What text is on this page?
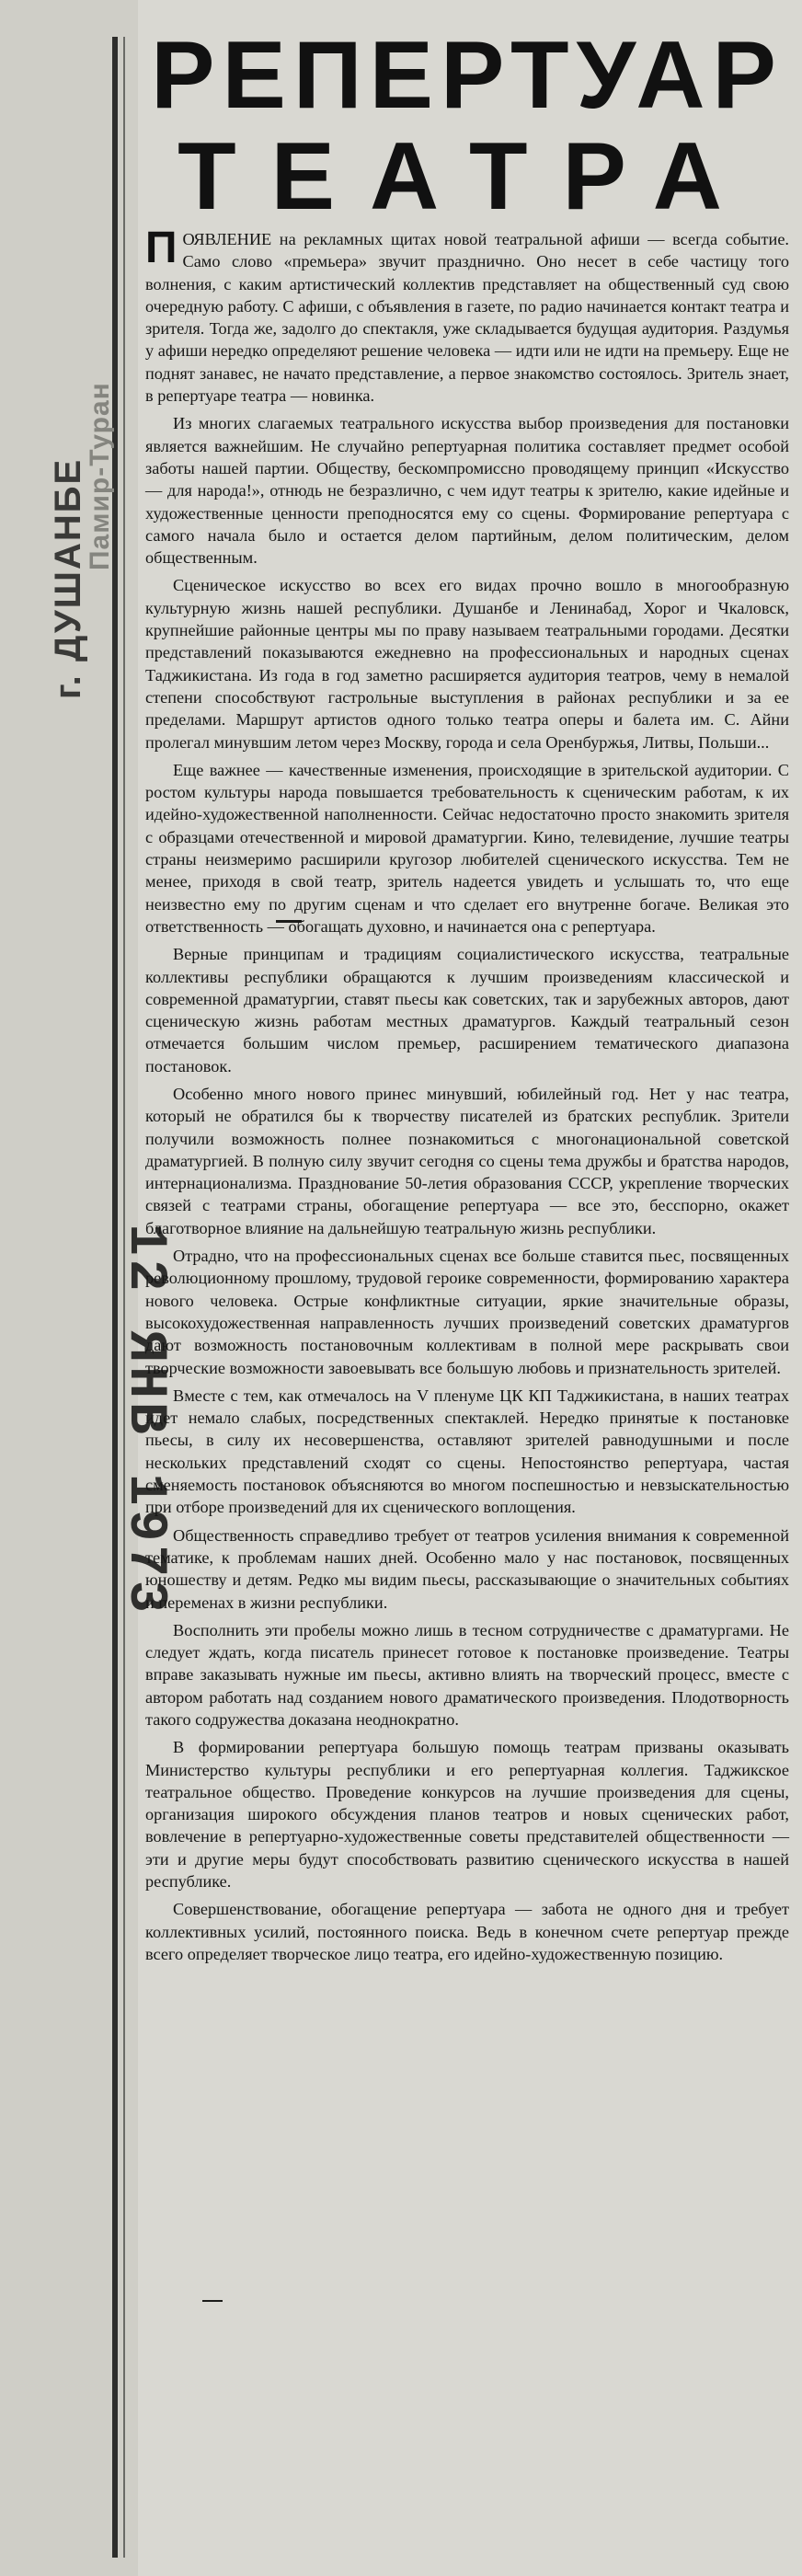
Памир-Туран
г. ДУШАНБЕ
12 ЯНВ 1973
РЕПЕРТУАР
ТЕАТРА

ПОЯВЛЕНИЕ на рекламных щитах новой театральной афиши — всегда событие. Само слово «премьера» звучит празднично. Оно несет в себе частицу того волнения, с каким артистический коллектив представляет на общественный суд свою очередную работу. С афиши, с объявления в газете, по радио начинается контакт театра и зрителя. Тогда же, задолго до спектакля, уже складывается будущая аудитория. Раздумья у афиши нередко определяют решение человека — идти или не идти на премьеру. Еще не поднят занавес, не начато представление, а первое знакомство состоялось. Зритель знает, в репертуаре театра — новинка.

Из многих слагаемых театрального искусства выбор произведения для постановки является важнейшим. Не случайно репертуарная политика составляет предмет особой заботы нашей партии. Обществу, бескомпромиссно проводящему принцип «Искусство — для народа!», отнюдь не безразлично, с чем идут театры к зрителю, какие идейные и художественные ценности преподносятся ему со сцены. Формирование репертуара с самого начала было и остается делом партийным, делом политическим, делом общественным.

Сценическое искусство во всех его видах прочно вошло в многообразную культурную жизнь нашей республики. Душанбе и Ленинабад, Хорог и Чкаловск, крупнейшие районные центры мы по праву называем театральными городами. Десятки представлений показываются ежедневно на профессиональных и народных сценах Таджикистана. Из года в год заметно расширяется аудитория театров, чему в немалой степени способствуют гастрольные выступления в районах республики и за ее пределами. Маршрут артистов одного только театра оперы и балета им. С. Айни пролегал минувшим летом через Москву, города и села Оренбуржья, Литвы, Польши...

Еще важнее — качественные изменения, происходящие в зрительской аудитории. С ростом культуры народа повышается требовательность к сценическим работам, к их идейно-художественной наполненности. Сейчас недостаточно просто знакомить зрителя с образцами отечественной и мировой драматургии. Кино, телевидение, лучшие театры страны неизмеримо расширили кругозор любителей сценического искусства. Тем не менее, приходя в свой театр, зритель надеется увидеть и услышать то, что еще неизвестно ему по другим сценам и что сделает его внутренне богаче. Великая это ответственность — обогащать духовно, и начинается она с репертуара.

Верные принципам и традициям социалистического искусства, театральные коллективы республики обращаются к лучшим произведениям классической и современной драматургии, ставят пьесы как советских, так и зарубежных авторов, дают сценическую жизнь работам местных драматургов. Каждый театральный сезон отмечается большим числом премьер, расширением тематического диапазона постановок.

Особенно много нового принес минувший, юбилейный год. Нет у нас театра, который не обратился бы к творчеству писателей из братских республик. Зрители получили возможность полнее познакомиться с многонациональной советской драматургией. В полную силу звучит сегодня со сцены тема дружбы и братства народов, интернационализма. Празднование 50-летия образования СССР, укрепление творческих связей с театрами страны, обогащение репертуара — все это, бесспорно, окажет благотворное влияние на дальнейшую театральную жизнь республики.

Отрадно, что на профессиональных сценах все больше ставится пьес, посвященных революционному прошлому, трудовой героике современности, формированию характера нового человека. Острые конфликтные ситуации, яркие значительные образы, высокохудожественная направленность лучших произведений советских драматургов дают возможность постановочным коллективам в полной мере раскрывать свои творческие возможности завоевывать все большую любовь и признательность зрителей.

Вместе с тем, как отмечалось на V пленуме ЦК КП Таджикистана, в наших театрах идет немало слабых, посредственных спектаклей. Нередко принятые к постановке пьесы, в силу их несовершенства, оставляют зрителей равнодушными и после нескольких представлений сходят со сцены. Непостоянство репертуара, частая сменяемость постановок объясняются во многом поспешностью и невзыскательностью при отборе произведений для их сценического воплощения.

Общественность справедливо требует от театров усиления внимания к современной тематике, к проблемам наших дней. Особенно мало у нас постановок, посвященных юношеству и детям. Редко мы видим пьесы, рассказывающие о значительных событиях и переменах в жизни республики.

Восполнить эти пробелы можно лишь в тесном сотрудничестве с драматургами. Не следует ждать, когда писатель принесет готовое к постановке произведение. Театры вправе заказывать нужные им пьесы, активно влиять на творческий процесс, вместе с автором работать над созданием нового драматического произведения. Плодотворность такого содружества доказана неоднократно.

В формировании репертуара большую помощь театрам призваны оказывать Министерство культуры республики и его репертуарная коллегия. Таджикское театральное общество. Проведение конкурсов на лучшие произведения для сцены, организация широкого обсуждения планов театров и новых сценических работ, вовлечение в репертуарно-художественные советы представителей общественности — эти и другие меры будут способствовать развитию сценического искусства в нашей республике.

Совершенствование, обогащение репертуара — забота не одного дня и требует коллективных усилий, постоянного поиска. Ведь в конечном счете репертуар прежде всего определяет творческое лицо театра, его идейно-художественную позицию.
